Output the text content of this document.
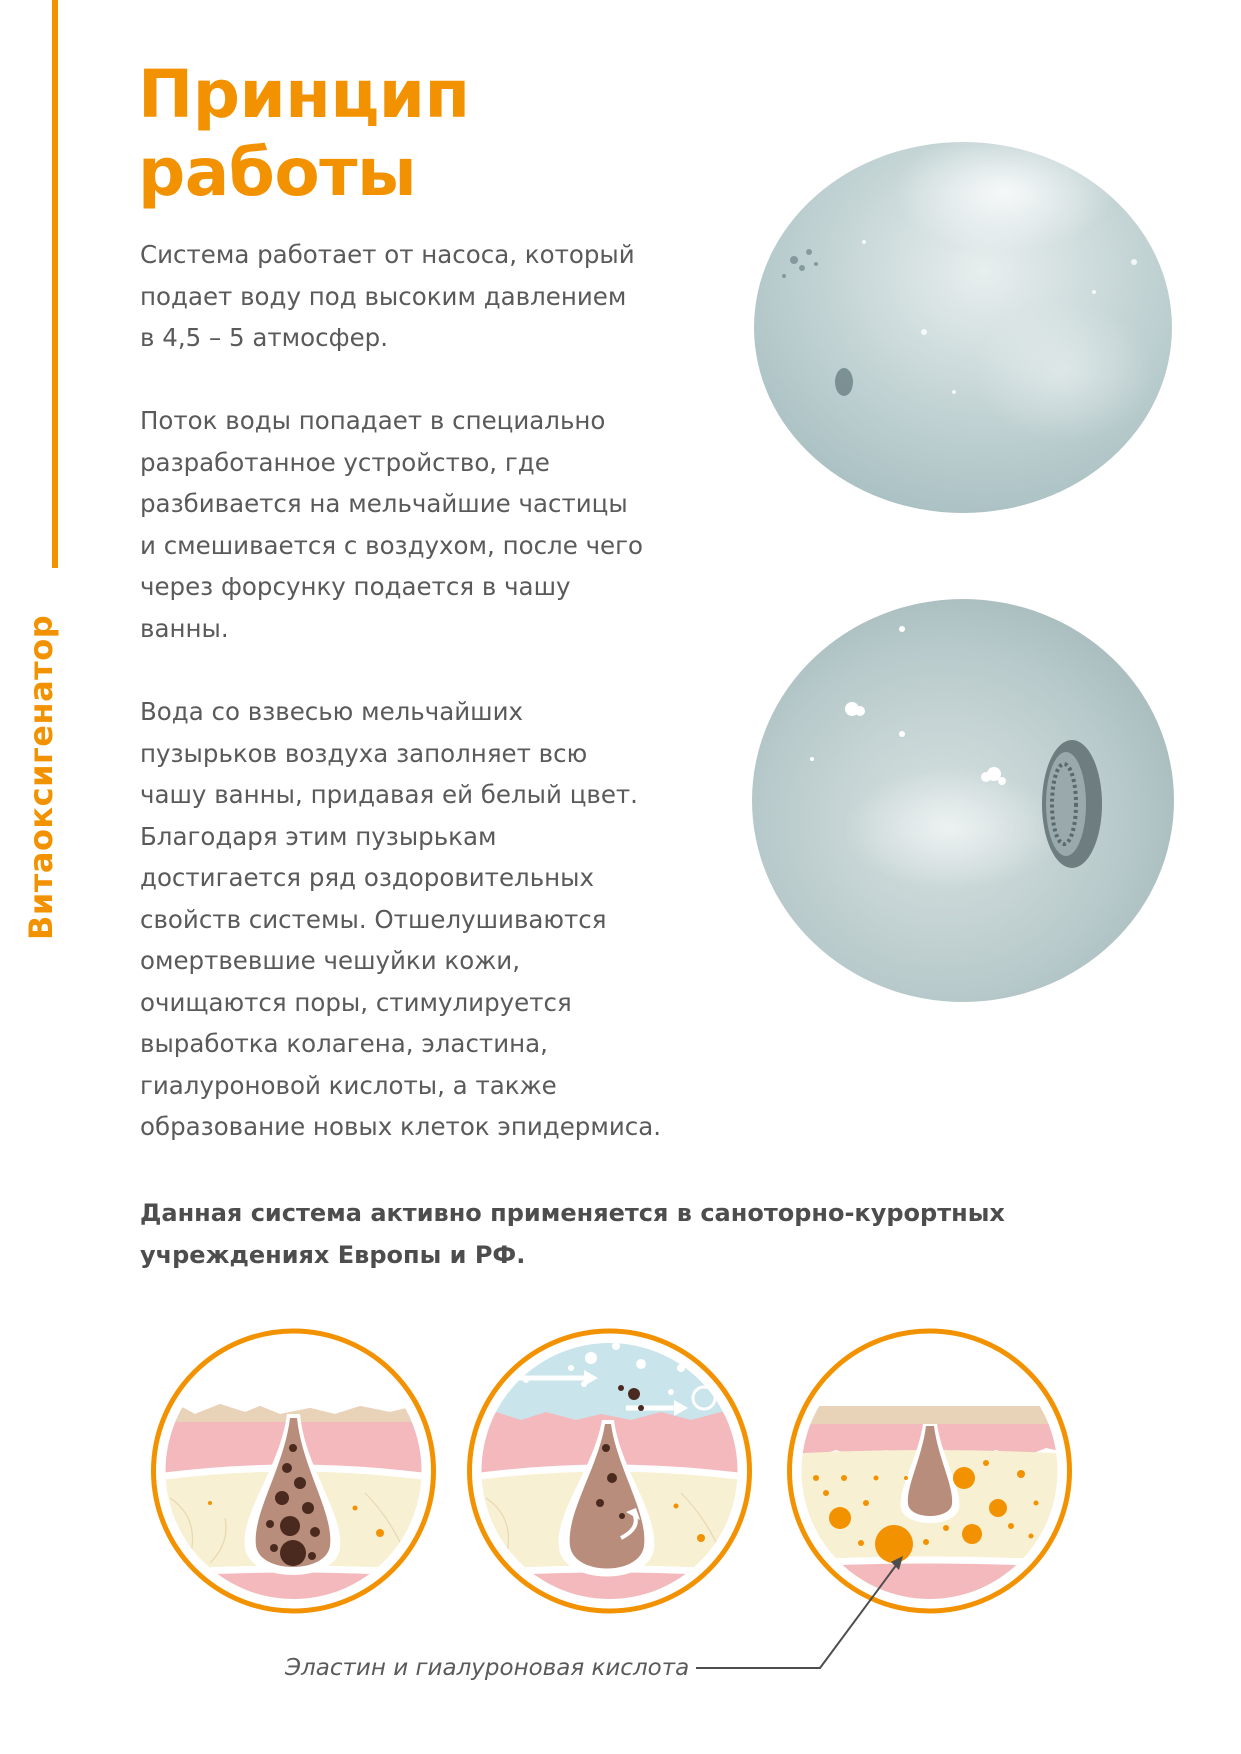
Витаоксигенатор
Принцип
работы

Система работает от насоса, который
подает воду под высоким давлением
в 4,5 – 5 атмосфер.

Поток воды попадает в специально
разработанное устройство, где
разбивается на мельчайшие частицы
и смешивается с воздухом, после чего
через форсунку подается в чашу
ванны.

Вода со взвесью мельчайших
пузырьков воздуха заполняет всю
чашу ванны, придавая ей белый цвет.
Благодаря этим пузырькам
достигается ряд оздоровительных
свойств системы. Отшелушиваются
омертвевшие чешуйки кожи,
очищаются поры, стимулируется
выработка колагена, эластина,
гиалуроновой кислоты, а также
образование новых клеток эпидермиса.

Данная система активно применяется в саноторно-курортных
учреждениях Европы и РФ.

Эластин и гиалуроновая кислота
